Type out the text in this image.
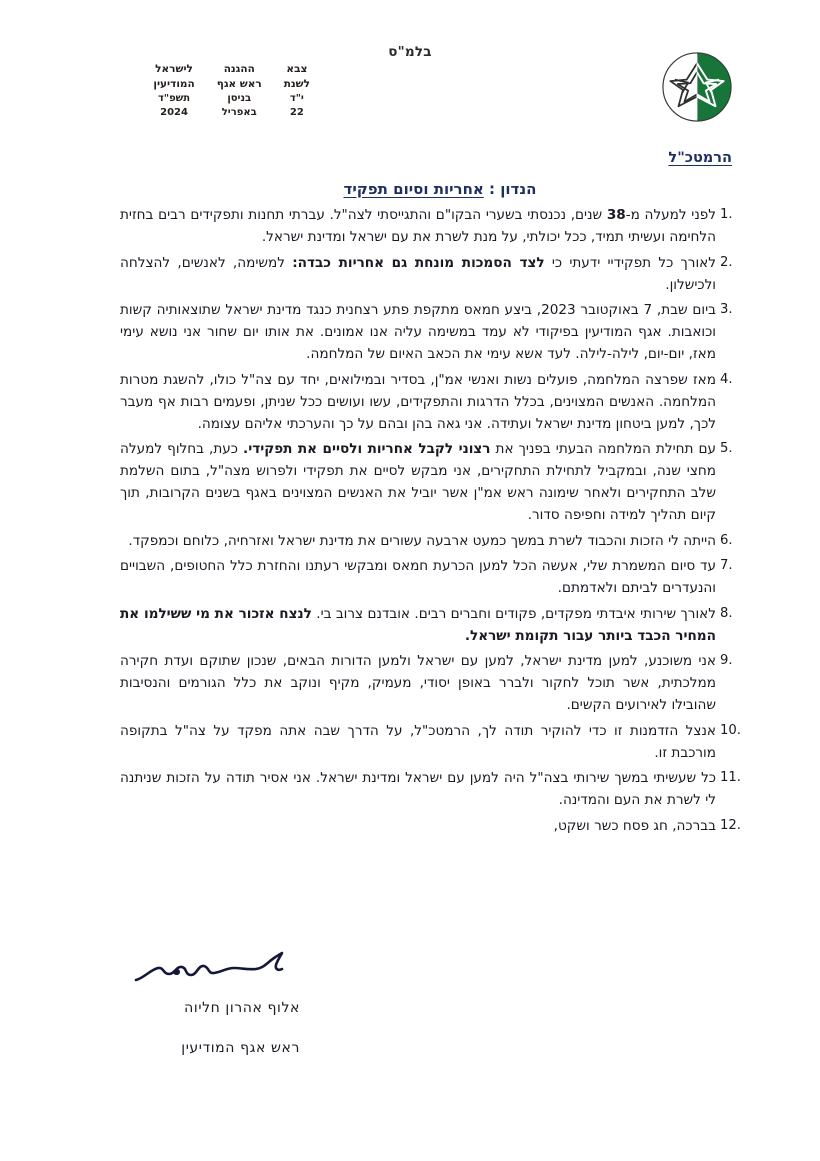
בלמ"ס
צבא
לשנת
י"ד
22
ההגנה
ראש אגף
בניסן
באפריל
לישראל
המודיעין
תשפ"ד
2024
הרמטכ"ל
הנדון : אחריות וסיום תפקיד
לפני למעלה מ-38 שנים, נכנסתי בשערי הבקו"ם והתגייסתי לצה"ל. עברתי תחנות ותפקידים רבים בחזית הלחימה ועשיתי תמיד, ככל יכולתי, על מנת לשרת את עם ישראל ומדינת ישראל.
לאורך כל תפקידיי ידעתי כי לצד הסמכות מונחת גם אחריות כבדה: למשימה, לאנשים, להצלחה ולכישלון.
ביום שבת, 7 באוקטובר 2023, ביצע חמאס מתקפת פתע רצחנית כנגד מדינת ישראל שתוצאותיה קשות וכואבות. אגף המודיעין בפיקודי לא עמד במשימה עליה אנו אמונים. את אותו יום שחור אני נושא עימי מאז, יום-יום, לילה-לילה. לעד אשא עימי את הכאב האיום של המלחמה.
מאז שפרצה המלחמה, פועלים נשות ואנשי אמ"ן, בסדיר ובמילואים, יחד עם צה"ל כולו, להשגת מטרות המלחמה. האנשים המצוינים, בכלל הדרגות והתפקידים, עשו ועושים ככל שניתן, ופעמים רבות אף מעבר לכך, למען ביטחון מדינת ישראל ועתידה. אני גאה בהן ובהם על כך והערכתי אליהם עצומה.
עם תחילת המלחמה הבעתי בפניך את רצוני לקבל אחריות ולסיים את תפקידי. כעת, בחלוף למעלה מחצי שנה, ובמקביל לתחילת התחקירים, אני מבקש לסיים את תפקידי ולפרוש מצה"ל, בתום השלמת שלב התחקירים ולאחר שימונה ראש אמ"ן אשר יוביל את האנשים המצוינים באגף בשנים הקרובות, תוך קיום תהליך למידה וחפיפה סדור.
הייתה לי הזכות והכבוד לשרת במשך כמעט ארבעה עשורים את מדינת ישראל ואזרחיה, כלוחם וכמפקד.
עד סיום המשמרת שלי, אעשה הכל למען הכרעת חמאס ומבקשי רעתנו והחזרת כלל החטופים, השבויים והנעדרים לביתם ולאדמתם.
לאורך שירותי איבדתי מפקדים, פקודים וחברים רבים. אובדנם צרוב בי. לנצח אזכור את מי ששילמו את המחיר הכבד ביותר עבור תקומת ישראל.
אני משוכנע, למען מדינת ישראל, למען עם ישראל ולמען הדורות הבאים, שנכון שתוקם ועדת חקירה ממלכתית, אשר תוכל לחקור ולברר באופן יסודי, מעמיק, מקיף ונוקב את כלל הגורמים והנסיבות שהובילו לאירועים הקשים.
אנצל הזדמנות זו כדי להוקיר תודה לך, הרמטכ"ל, על הדרך שבה אתה מפקד על צה"ל בתקופה מורכבת זו.
כל שעשיתי במשך שירותי בצה"ל היה למען עם ישראל ומדינת ישראל. אני אסיר תודה על הזכות שניתנה לי לשרת את העם והמדינה.
בברכה, חג פסח כשר ושקט,
אלוף אהרון חליוה
ראש אגף המודיעין
